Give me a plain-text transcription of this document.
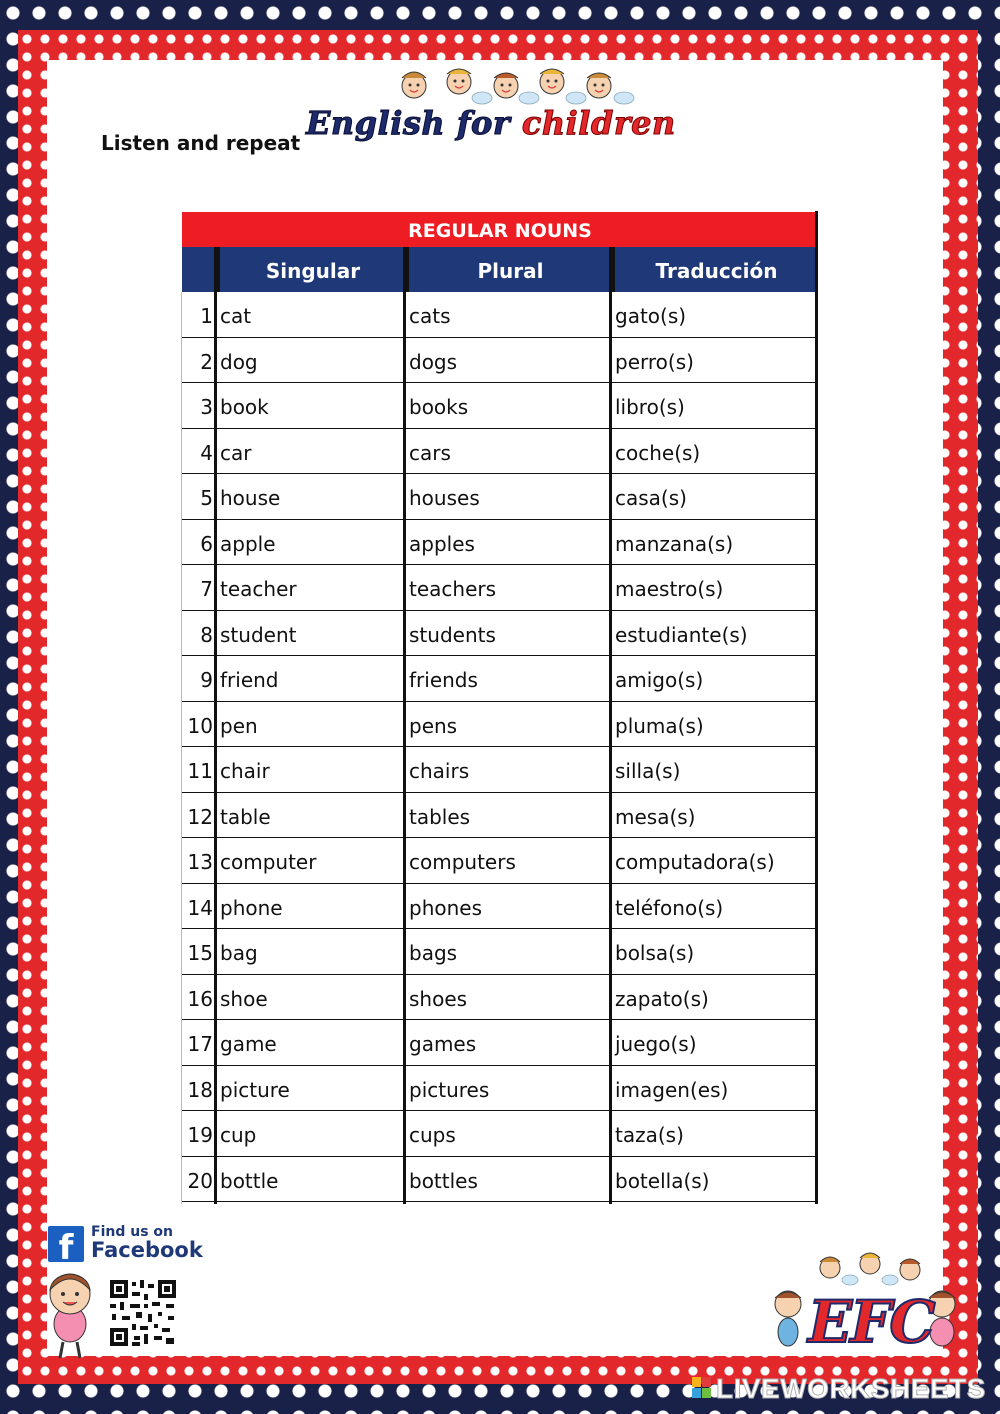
Listen and repeat
English for children
REGULAR NOUNS
Singular	Plural	Traducción
1 cat	cats	gato(s)
2 dog	dogs	perro(s)
3 book	books	libro(s)
4 car	cars	coche(s)
5 house	houses	casa(s)
6 apple	apples	manzana(s)
7 teacher	teachers	maestro(s)
8 student	students	estudiante(s)
9 friend	friends	amigo(s)
10 pen	pens	pluma(s)
11 chair	chairs	silla(s)
12 table	tables	mesa(s)
13 computer	computers	computadora(s)
14 phone	phones	teléfono(s)
15 bag	bags	bolsa(s)
16 shoe	shoes	zapato(s)
17 game	games	juego(s)
18 picture	pictures	imagen(es)
19 cup	cups	taza(s)
20 bottle	bottles	botella(s)
f	Find us on
Facebook
EFC
LIVEWORKSHEETS
